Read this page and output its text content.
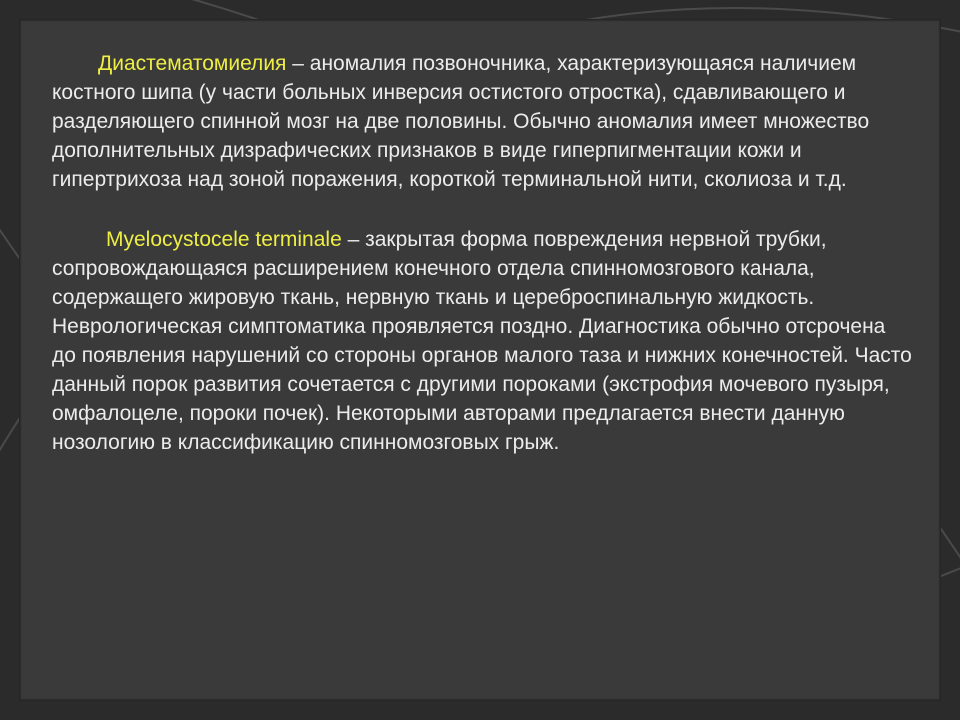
Диастематомиелия – аномалия позвоночника, характеризующаяся наличием костного шипа (у части больных инверсия остистого отростка), сдавливающего и разделяющего спинной мозг на две половины. Обычно аномалия имеет множество дополнительных дизрафических признаков в виде гиперпигментации кожи и гипертрихоза над зоной поражения, короткой терминальной нити, сколиоза и т.д.

Myelocystocele terminale – закрытая форма повреждения нервной трубки, сопровождающаяся расширением конечного отдела спинномозгового канала, содержащего жировую ткань, нервную ткань и цереброспинальную жидкость. Неврологическая симптоматика проявляется поздно. Диагностика обычно отсрочена до появления нарушений со стороны органов малого таза и нижних конечностей. Часто данный порок развития сочетается с другими пороками (экстрофия мочевого пузыря, омфалоцеле, пороки почек). Некоторыми авторами предлагается внести данную нозологию в классификацию спинномозговых грыж.
